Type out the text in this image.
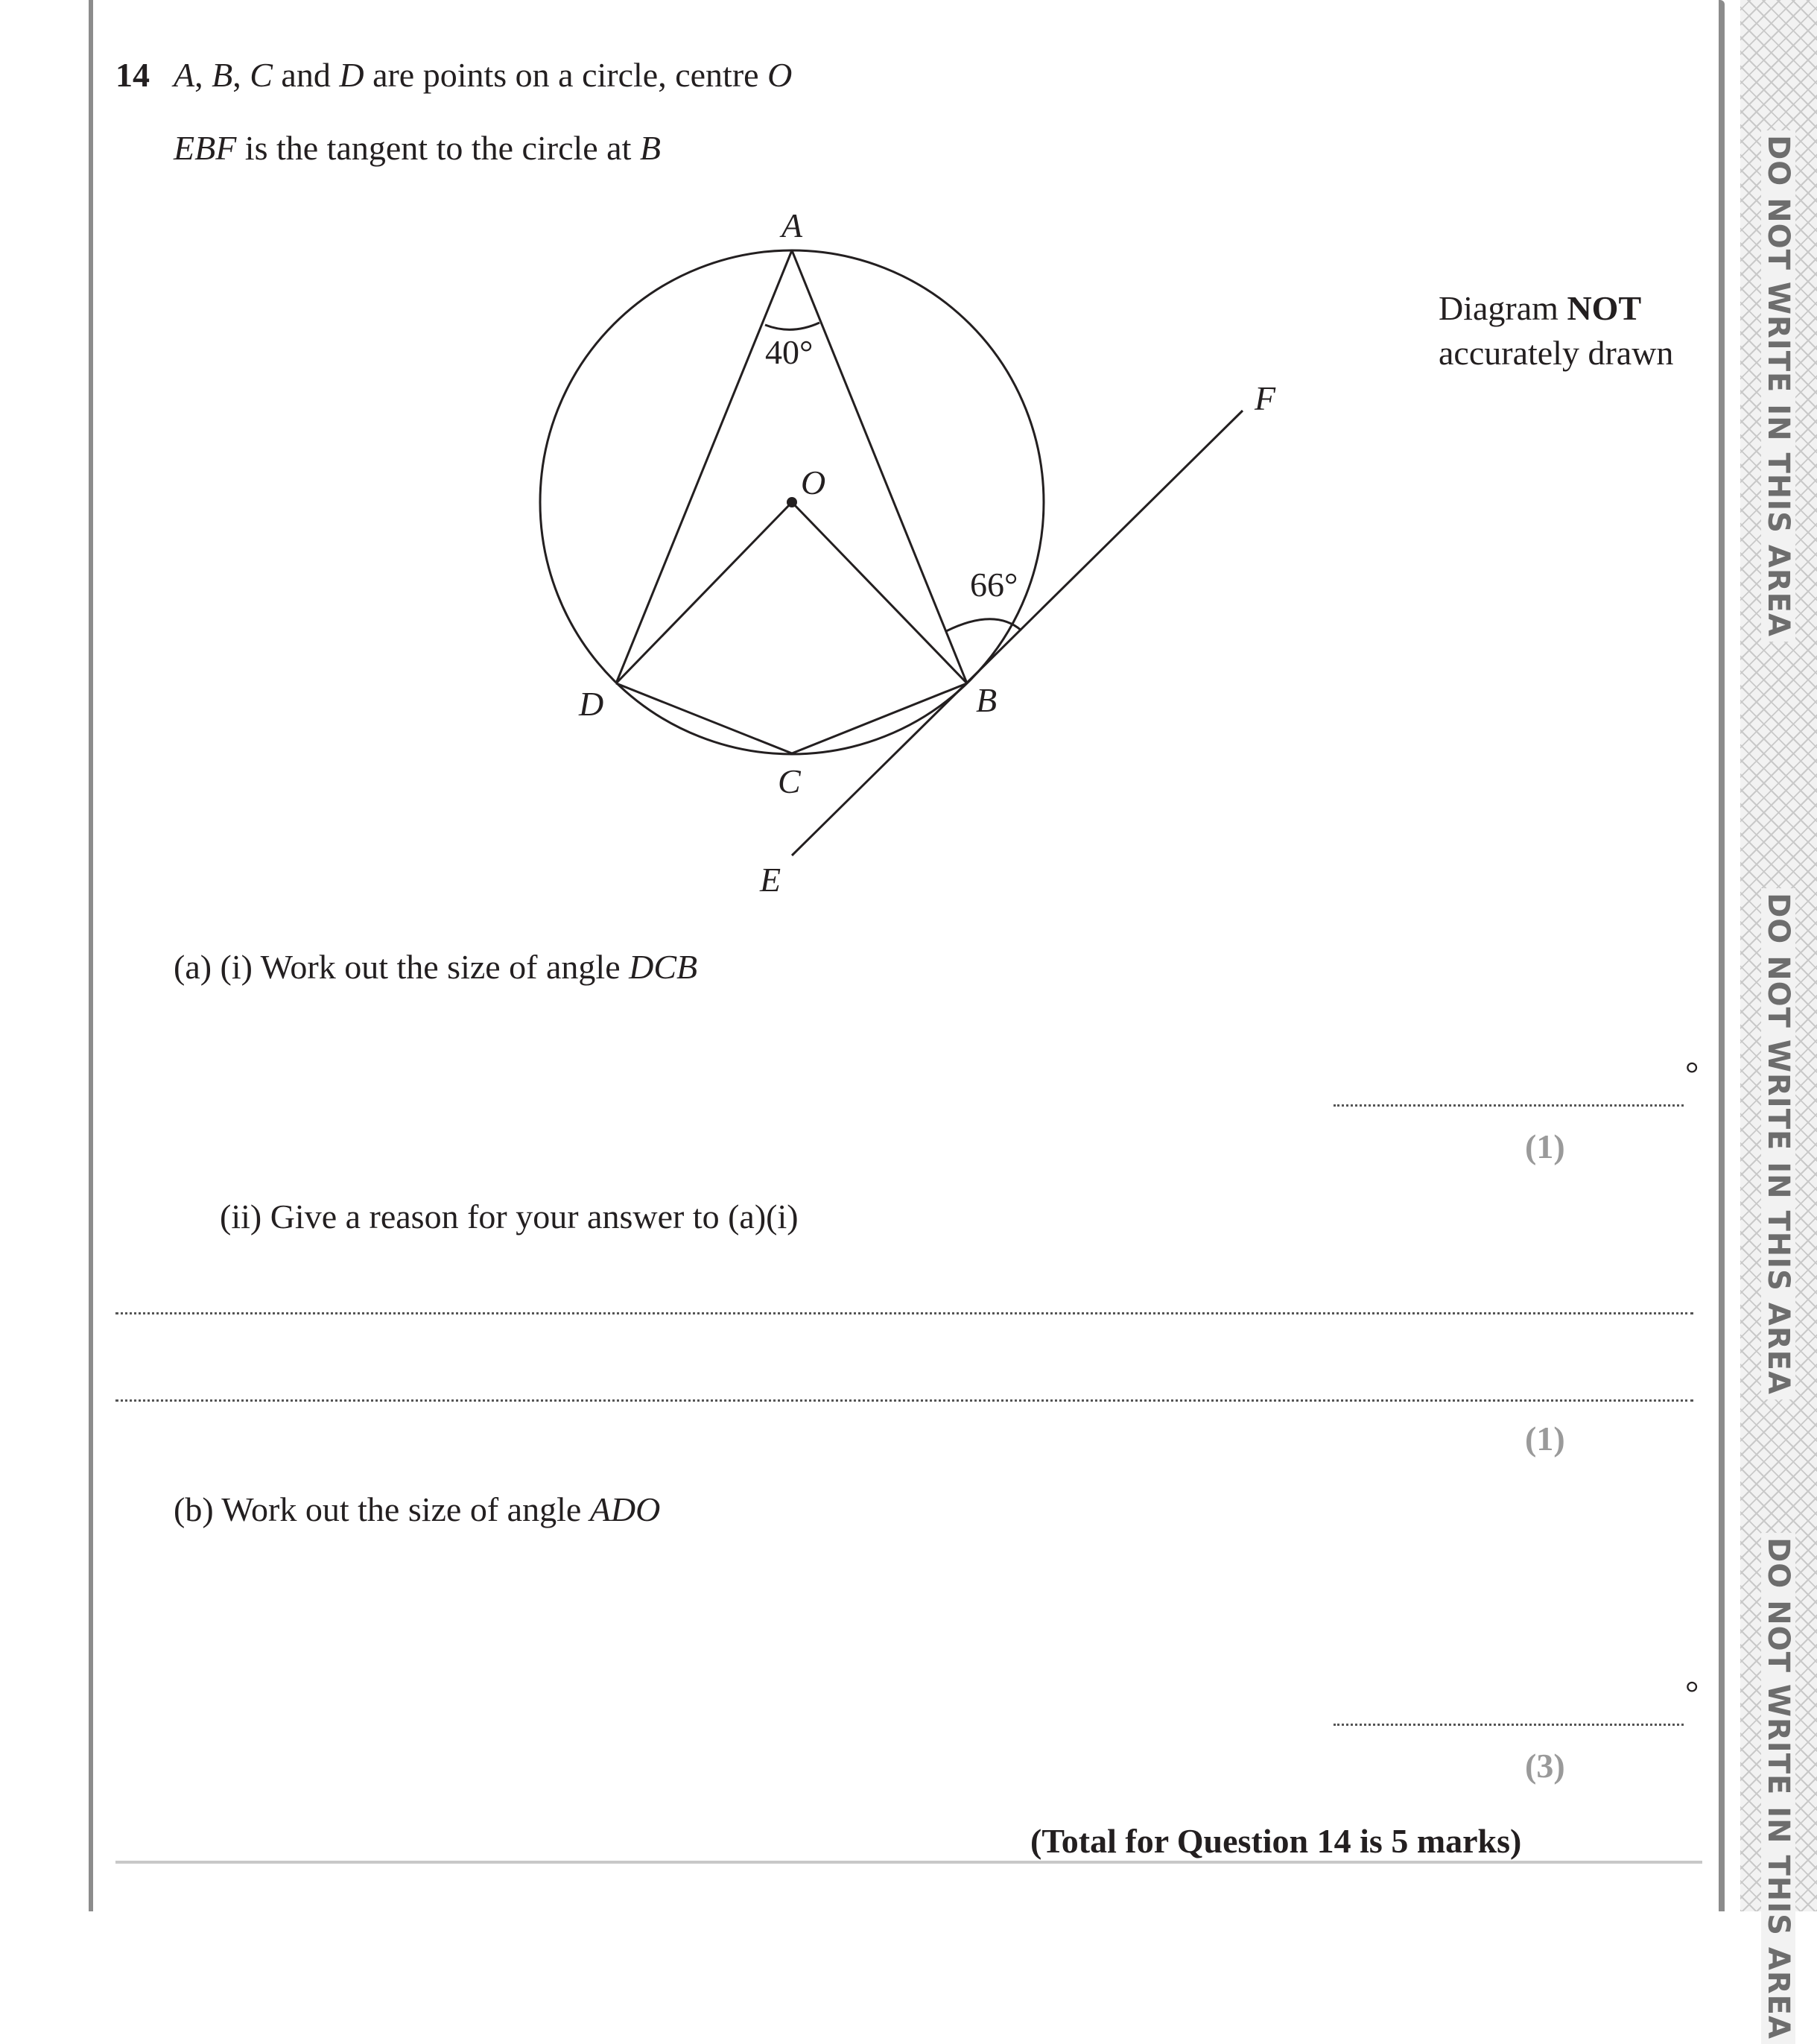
DO NOT WRITE IN THIS AREA
DO NOT WRITE IN THIS AREA
DO NOT WRITE IN THIS AREA
14 A, B, C and D are points on a circle, centre O
EBF is the tangent to the circle at B
Diagram NOT
accurately drawn
A
O
D	B
C
E
F
40°
66°
(a) (i) Work out the size of angle DCB
°
(1)
(ii) Give a reason for your answer to (a)(i)
(1)
(b) Work out the size of angle ADO
°
(3)
(Total for Question 14 is 5 marks)
